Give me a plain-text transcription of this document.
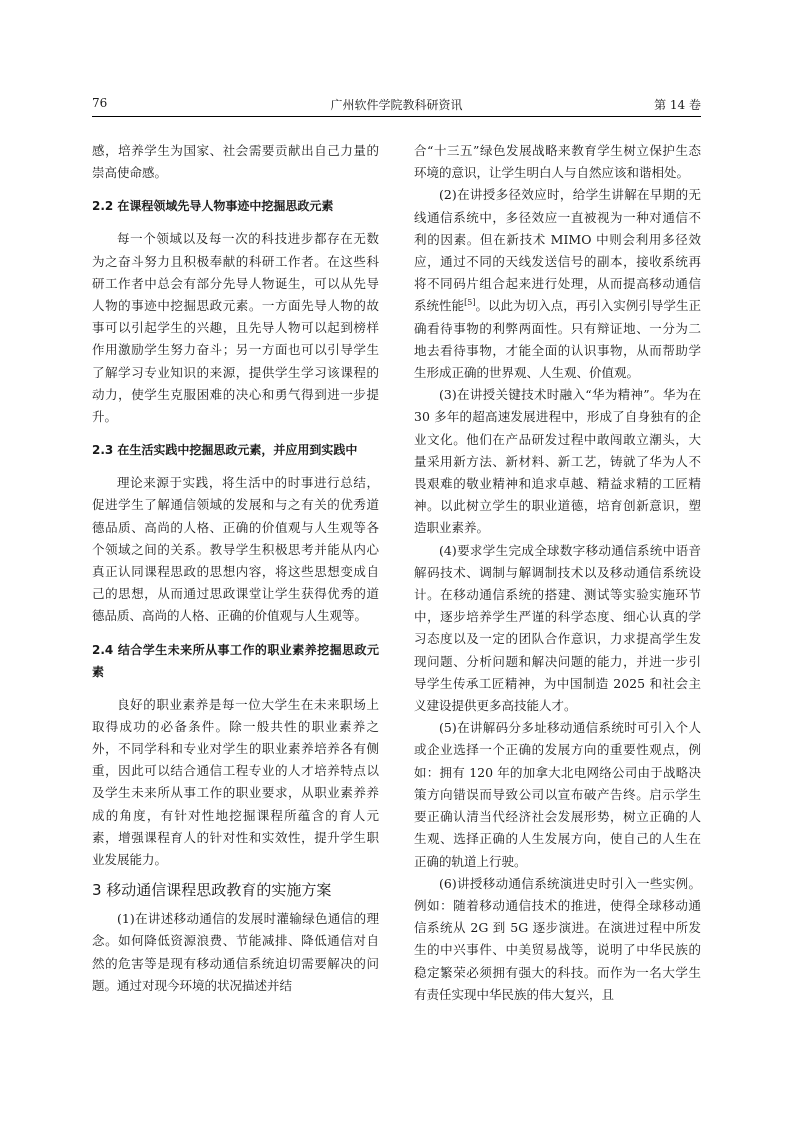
76	广州软件学院教科研资讯	第 14 卷

感，培养学生为国家、社会需要贡献出自己力量的崇高使命感。

2.2 在课程领域先导人物事迹中挖掘思政元素

每一个领域以及每一次的科技进步都存在无数为之奋斗努力且积极奉献的科研工作者。在这些科研工作者中总会有部分先导人物诞生，可以从先导人物的事迹中挖掘思政元素。一方面先导人物的故事可以引起学生的兴趣，且先导人物可以起到榜样作用激励学生努力奋斗；另一方面也可以引导学生了解学习专业知识的来源，提供学生学习该课程的动力，使学生克服困难的决心和勇气得到进一步提升。

2.3 在生活实践中挖掘思政元素，并应用到实践中

理论来源于实践，将生活中的时事进行总结，促进学生了解通信领域的发展和与之有关的优秀道德品质、高尚的人格、正确的价值观与人生观等各个领域之间的关系。教导学生积极思考并能从内心真正认同课程思政的思想内容，将这些思想变成自己的思想，从而通过思政课堂让学生获得优秀的道德品质、高尚的人格、正确的价值观与人生观等。

2.4 结合学生未来所从事工作的职业素养挖掘思政元素

良好的职业素养是每一位大学生在未来职场上取得成功的必备条件。除一般共性的职业素养之外，不同学科和专业对学生的职业素养培养各有侧重，因此可以结合通信工程专业的人才培养特点以及学生未来所从事工作的职业要求，从职业素养养成的角度，有针对性地挖掘课程所蕴含的育人元素，增强课程育人的针对性和实效性，提升学生职业发展能力。

3 移动通信课程思政教育的实施方案

(1)在讲述移动通信的发展时灌输绿色通信的理念。如何降低资源浪费、节能减排、降低通信对自然的危害等是现有移动通信系统迫切需要解决的问题。通过对现今环境的状况描述并结

合“十三五”绿色发展战略来教育学生树立保护生态环境的意识，让学生明白人与自然应该和谐相处。

(2)在讲授多径效应时，给学生讲解在早期的无线通信系统中，多径效应一直被视为一种对通信不利的因素。但在新技术 MIMO 中则会利用多径效应，通过不同的天线发送信号的副本，接收系统再将不同码片组合起来进行处理，从而提高移动通信系统性能[5]。以此为切入点，再引入实例引导学生正确看待事物的利弊两面性。只有辩证地、一分为二地去看待事物，才能全面的认识事物，从而帮助学生形成正确的世界观、人生观、价值观。

(3)在讲授关键技术时融入“华为精神”。华为在 30 多年的超高速发展进程中，形成了自身独有的企业文化。他们在产品研发过程中敢闯敢立潮头，大量采用新方法、新材料、新工艺，铸就了华为人不畏艰难的敬业精神和追求卓越、精益求精的工匠精神。以此树立学生的职业道德，培育创新意识，塑造职业素养。

(4)要求学生完成全球数字移动通信系统中语音解码技术、调制与解调制技术以及移动通信系统设计。在移动通信系统的搭建、测试等实验实施环节中，逐步培养学生严谨的科学态度、细心认真的学习态度以及一定的团队合作意识，力求提高学生发现问题、分析问题和解决问题的能力，并进一步引导学生传承工匠精神，为中国制造 2025 和社会主义建设提供更多高技能人才。

(5)在讲解码分多址移动通信系统时可引入个人或企业选择一个正确的发展方向的重要性观点，例如：拥有 120 年的加拿大北电网络公司由于战略决策方向错误而导致公司以宣布破产告终。启示学生要正确认清当代经济社会发展形势，树立正确的人生观、选择正确的人生发展方向，使自己的人生在正确的轨道上行驶。

(6)讲授移动通信系统演进史时引入一些实例。例如：随着移动通信技术的推进，使得全球移动通信系统从 2G 到 5G 逐步演进。在演进过程中所发生的中兴事件、中美贸易战等，说明了中华民族的稳定繁荣必须拥有强大的科技。而作为一名大学生有责任实现中华民族的伟大复兴，且
